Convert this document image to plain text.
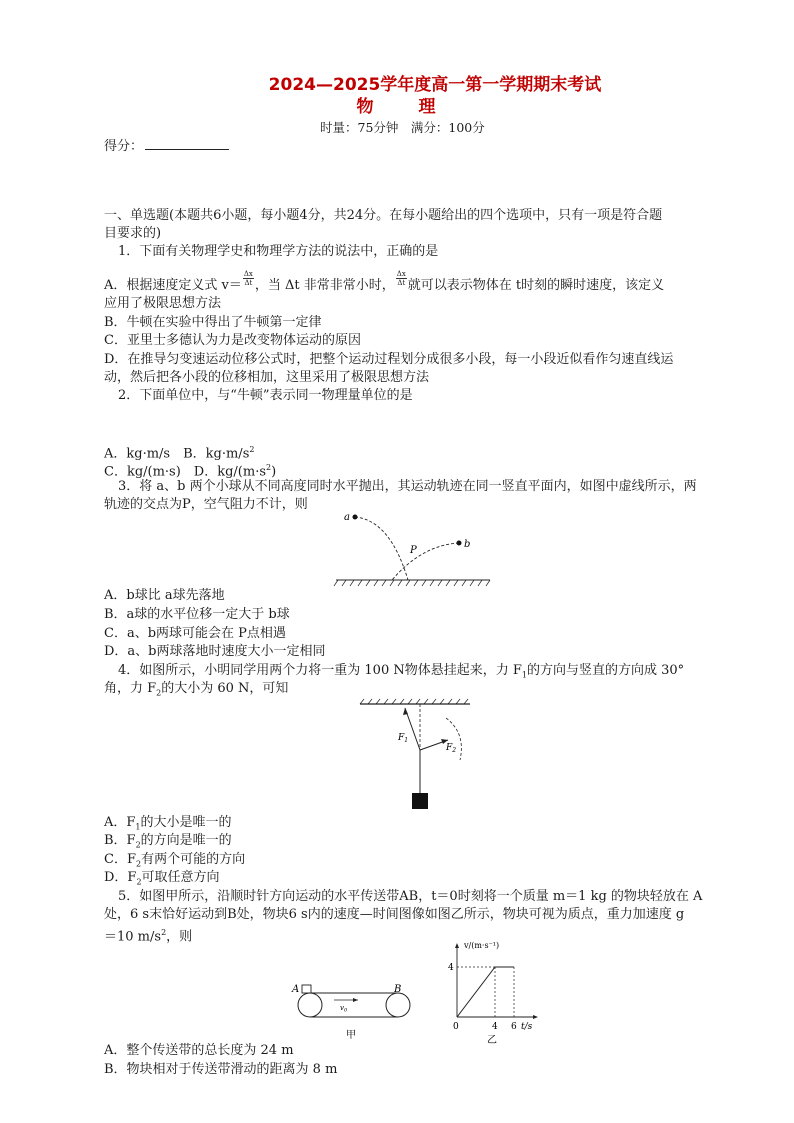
2024—2025学年度高一第一学期期末考试
物　理
时量：75分钟　满分：100分
得分：
一、单选题(本题共6小题，每小题4分，共24分。在每小题给出的四个选项中，只有一项是符合题
目要求的)
1．下面有关物理学史和物理学方法的说法中，正确的是
A．根据速度定义式 $v= \frac{\Delta x}{\Delta t}$ ，当 Δt 非常非常小时， $\frac{\Delta x}{\Delta t}$ 就可以表示物体在 t时刻的瞬时速度，该定义
应用了极限思想方法
B．牛顿在实验中得出了牛顿第一定律
C．亚里士多德认为力是改变物体运动的原因
D．在推导匀变速运动位移公式时，把整个运动过程划分成很多小段，每一小段近似看作匀速直线运
动，然后把各小段的位移相加，这里采用了极限思想方法
2．下面单位中，与“牛顿”表示同一物理量单位的是
A．kg·m/s　B．$kg\cdot m/s^2$
C．kg/(m·s)　D．$kg/(m\cdot s^2)$
3．将 a、b 两个小球从不同高度同时水平抛出，其运动轨迹在同一竖直平面内，如图中虚线所示，两
轨迹的交点为P，空气阻力不计，则
a
b
P
A．b球比 a球先落地
B．a球的水平位移一定大于 b球
C．a、b两球可能会在 P点相遇
D．a、b两球落地时速度大小一定相同
4．如图所示，小明同学用两个力将一重为 100 N物体悬挂起来，力 $F_1$的方向与竖直的方向成 30°
角，力 $F_2$的大小为 60 N，可知
$F_1$
$F_2$
A．$F_1$的大小是唯一的
B．$F_2$的方向是唯一的
C．$F_2$有两个可能的方向
D．$F_2$可取任意方向
5．如图甲所示，沿顺时针方向运动的水平传送带AB，t＝0时刻将一个质量 m＝1 kg 的物块轻放在 A
处，6 s末恰好运动到B处，物块6 s内的速度—时间图像如图乙所示，物块可视为质点，重力加速度 g
＝10 $m/s^2$，则
A	B
$v_0$
甲
v/(m·s⁻¹)
4
0	4 6 t/s
乙
A．整个传送带的总长度为 24 m
B．物块相对于传送带滑动的距离为 8 m
